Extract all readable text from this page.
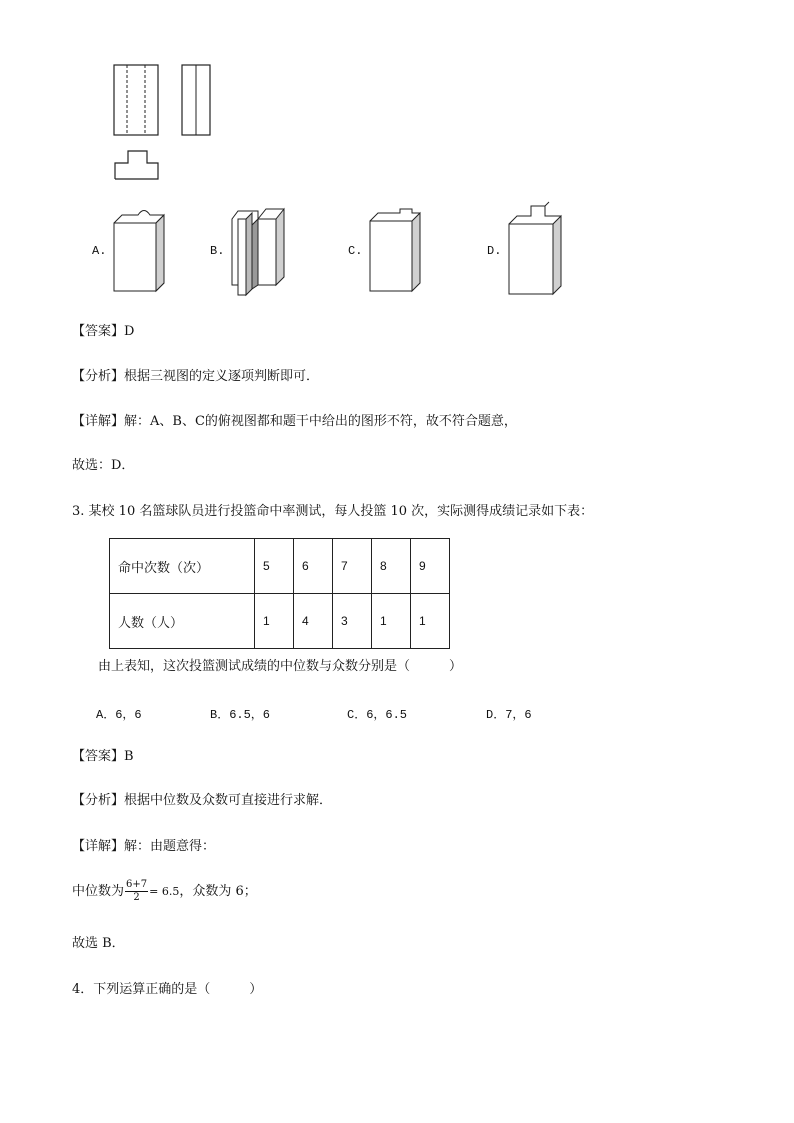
A.	B.	C.	D.
【答案】D
【分析】根据三视图的定义逐项判断即可．
【详解】解：A、B、C的俯视图都和题干中给出的图形不符，故不符合题意，
故选：D．
3. 某校 10 名篮球队员进行投篮命中率测试，每人投篮 10 次，实际测得成绩记录如下表：
命中次数（次）	5	6	7	8	9
人数（人）	1	4	3	1	1
由上表知，这次投篮测试成绩的中位数与众数分别是（　　　）
A．6，6	B．6.5，6	C．6，6.5	D．7，6
【答案】B
【分析】根据中位数及众数可直接进行求解．
【详解】解：由题意得：
中位数为 $\frac{6+7}{2} = 6.5$，众数为 6；
故选 B．
4．下列运算正确的是（　　　）
